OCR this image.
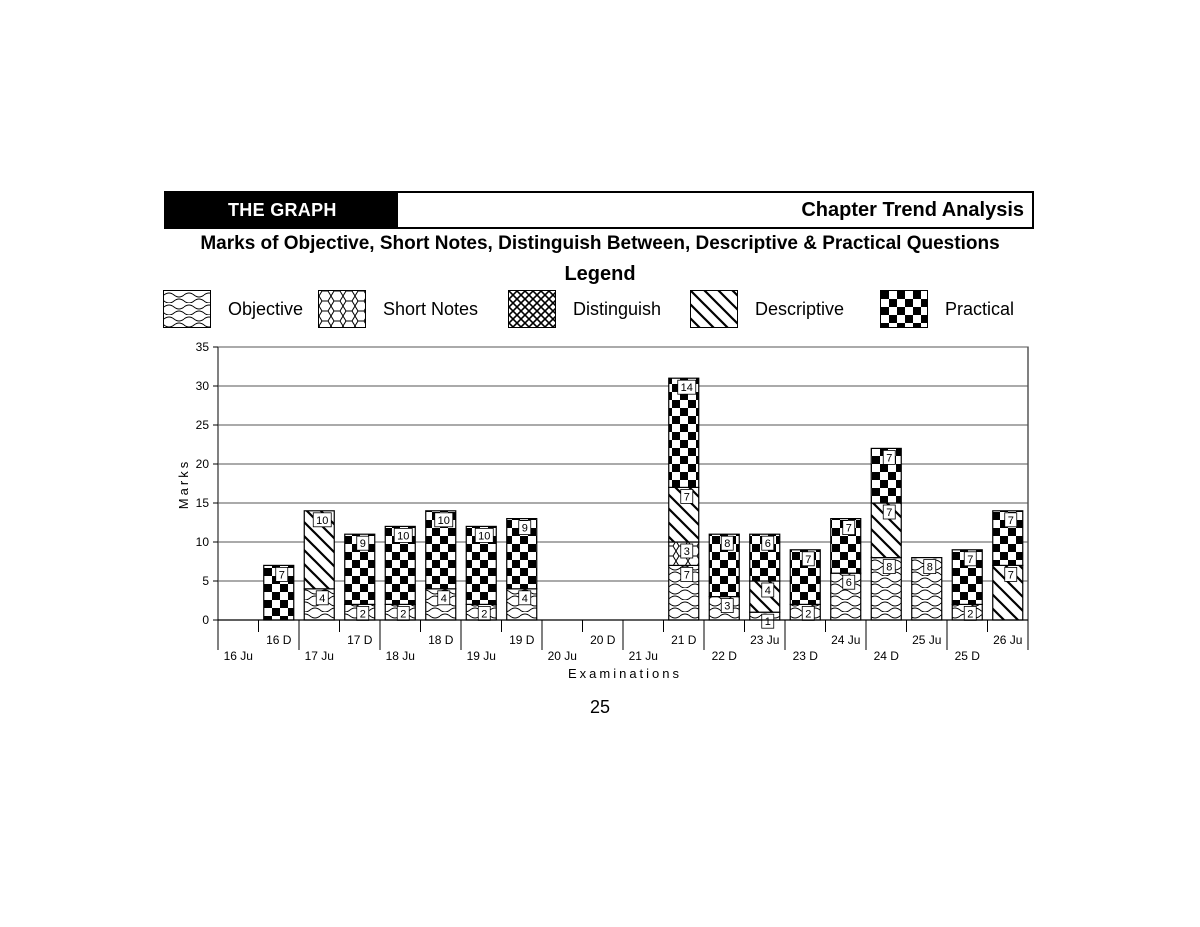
THE GRAPH	Chapter Trend Analysis
Marks of Objective, Short Notes, Distinguish Between, Descriptive & Practical Questions
Legend
Objective	Short Notes	Distinguish	Descriptive	Practical
7
4
10
2
9
2
10
4
10
2
10
4
9
7
3
7
14
3
8
1
4
6
2
7
6
7
8
7
7
8
2
7
7
7
0
5
10
15
20
25
30
35
16 Ju
16 D
17 Ju
17 D
18 Ju
18 D
19 Ju
19 D
20 Ju
20 D
21 Ju
21 D
22 D
23 Ju
23 D
24 Ju
24 D
25 Ju
25 D
26 Ju
Examinations
Marks
25
